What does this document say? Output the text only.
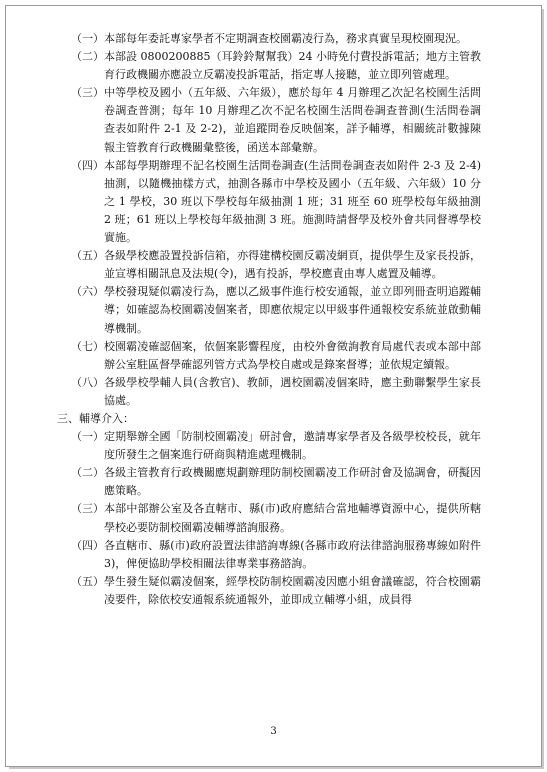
（一） 本部每年委託專家學者不定期調查校園霸凌行為，務求真實呈現校園現況。
（二） 本部設 0800200885（耳鈴鈴幫幫我）24 小時免付費投訴電話；地方主管教育行政機關亦應設立反霸凌投訴電話，指定專人接聽，並立即列管處理。
（三） 中等學校及國小（五年級、六年級），應於每年 4 月辦理乙次記名校園生活問卷調查普測；每年 10 月辦理乙次不記名校園生活問卷調查普測(生活問卷調查表如附件 2-1 及 2-2)，並追蹤問卷反映個案，詳予輔導，相關統計數據陳報主管教育行政機關彙整後，函送本部彙辦。
（四） 本部每學期辦理不記名校園生活問卷調查(生活問卷調查表如附件 2-3 及 2-4)抽測，以隨機抽樣方式，抽測各縣市中學校及國小（五年級、六年級）10 分之 1 學校，30 班以下學校每年級抽測 1 班；31 班至 60 班學校每年級抽測 2 班；61 班以上學校每年級抽測 3 班。施測時請督學及校外會共同督導學校實施。
（五） 各級學校應設置投訴信箱，亦得建構校園反霸凌網頁，提供學生及家長投訴，並宣導相關訊息及法規(令)，遇有投訴，學校應責由專人處置及輔導。
（六） 學校發現疑似霸凌行為，應以乙級事件進行校安通報，並立即列冊查明追蹤輔導；如確認為校園霸凌個案者，即應依規定以甲級事件通報校安系統並啟動輔導機制。
（七） 校園霸凌確認個案，依個案影響程度，由校外會徵詢教育局處代表或本部中部辦公室駐區督學確認列管方式為學校自處或是錄案督導；並依規定續報。
（八） 各級學校學輔人員(含教官)、教師，遇校園霸凌個案時，應主動聯繫學生家長協處。
三、 輔導介入：
（一） 定期舉辦全國「防制校園霸凌」研討會，邀請專家學者及各級學校校長，就年度所發生之個案進行研商與精進處理機制。
（二） 各級主管教育行政機關應規劃辦理防制校園霸凌工作研討會及協調會，研擬因應策略。
（三） 本部中部辦公室及各直轄市、縣(市)政府應結合當地輔導資源中心，提供所轄學校必要防制校園霸凌輔導諮詢服務。
（四） 各直轄市、縣(市)政府設置法律諮詢專線(各縣市政府法律諮詢服務專線如附件 3)，俾便協助學校相關法律專業事務諮詢。
（五） 學生發生疑似霸凌個案，經學校防制校園霸凌因應小組會議確認，符合校園霸凌要件，除依校安通報系統通報外，並即成立輔導小組，成員得
3
